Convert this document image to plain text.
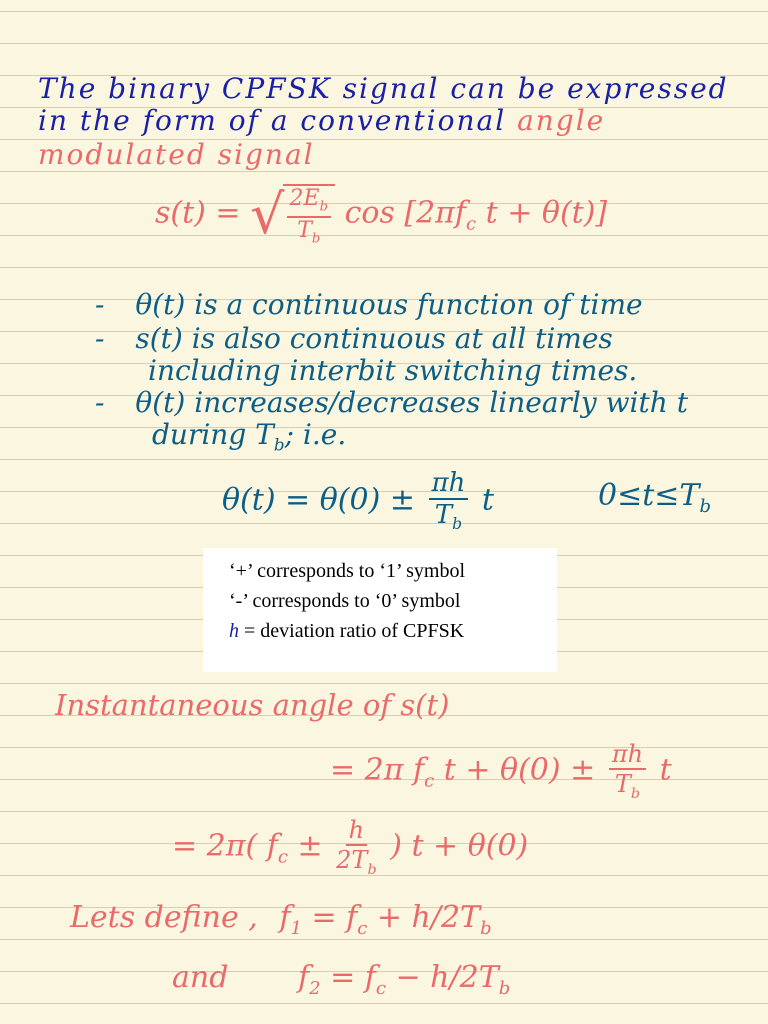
The binary CPFSK signal can be expressed
in the form of a conventional angle
modulated signal
s(t) = √ $\frac{2E_b}{T_b}$ $\cos [2\pi f_c$ t + θ(t)]
- θ(t) is a continuous function of time
- s(t) is also continuous at all times
including interbit switching times.
- θ(t) increases/decreases linearly with t
during $T_b$; i.e.
$\theta(t) = \theta(0) \pm \frac{\pi h}{T_b}$ t	$0\le t\le T_b$
‘+’ corresponds to ‘1’ symbol
‘-’ corresponds to ‘0’ symbol
h = deviation ratio of CPFSK
Instantaneous angle of s(t)
= 2π $f_c$ $t + \theta(0) \pm \frac{\pi h}{T_b}$ t
= 2π( $f_c \pm \frac{h}{2T_b}$ ) t + θ(0)
Lets define , $f_1 = f_c + h/2T_b$
and $f_2 = f_c - h/2T_b$
